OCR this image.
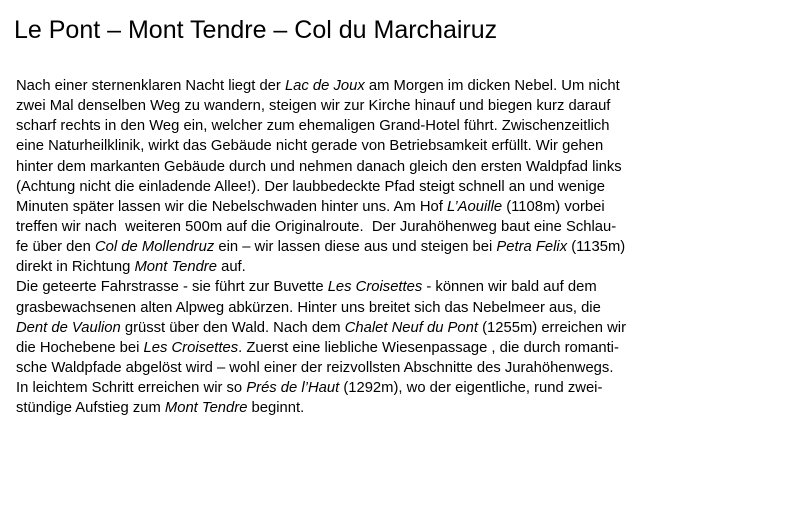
Le Pont – Mont Tendre – Col du Marchairuz
Nach einer sternenklaren Nacht liegt der Lac de Joux am Morgen im dicken Nebel. Um nicht
zwei Mal denselben Weg zu wandern, steigen wir zur Kirche hinauf und biegen kurz darauf
scharf rechts in den Weg ein, welcher zum ehemaligen Grand-Hotel führt. Zwischenzeitlich
eine Naturheilklinik, wirkt das Gebäude nicht gerade von Betriebsamkeit erfüllt. Wir gehen
hinter dem markanten Gebäude durch und nehmen danach gleich den ersten Waldpfad links
(Achtung nicht die einladende Allee!). Der laubbedeckte Pfad steigt schnell an und wenige
Minuten später lassen wir die Nebelschwaden hinter uns. Am Hof L’Aouille (1108m) vorbei
treffen wir nach  weiteren 500m auf die Originalroute.  Der Jurahöhenweg baut eine Schlau-
fe über den Col de Mollendruz ein – wir lassen diese aus und steigen bei Petra Felix (1135m)
direkt in Richtung Mont Tendre auf.
Die geteerte Fahrstrasse - sie führt zur Buvette Les Croisettes - können wir bald auf dem
grasbewachsenen alten Alpweg abkürzen. Hinter uns breitet sich das Nebelmeer aus, die
Dent de Vaulion grüsst über den Wald. Nach dem Chalet Neuf du Pont (1255m) erreichen wir
die Hochebene bei Les Croisettes. Zuerst eine liebliche Wiesenpassage , die durch romanti-
sche Waldpfade abgelöst wird – wohl einer der reizvollsten Abschnitte des Jurahöhenwegs.
In leichtem Schritt erreichen wir so Prés de l’Haut (1292m), wo der eigentliche, rund zwei-
stündige Aufstieg zum Mont Tendre beginnt.
